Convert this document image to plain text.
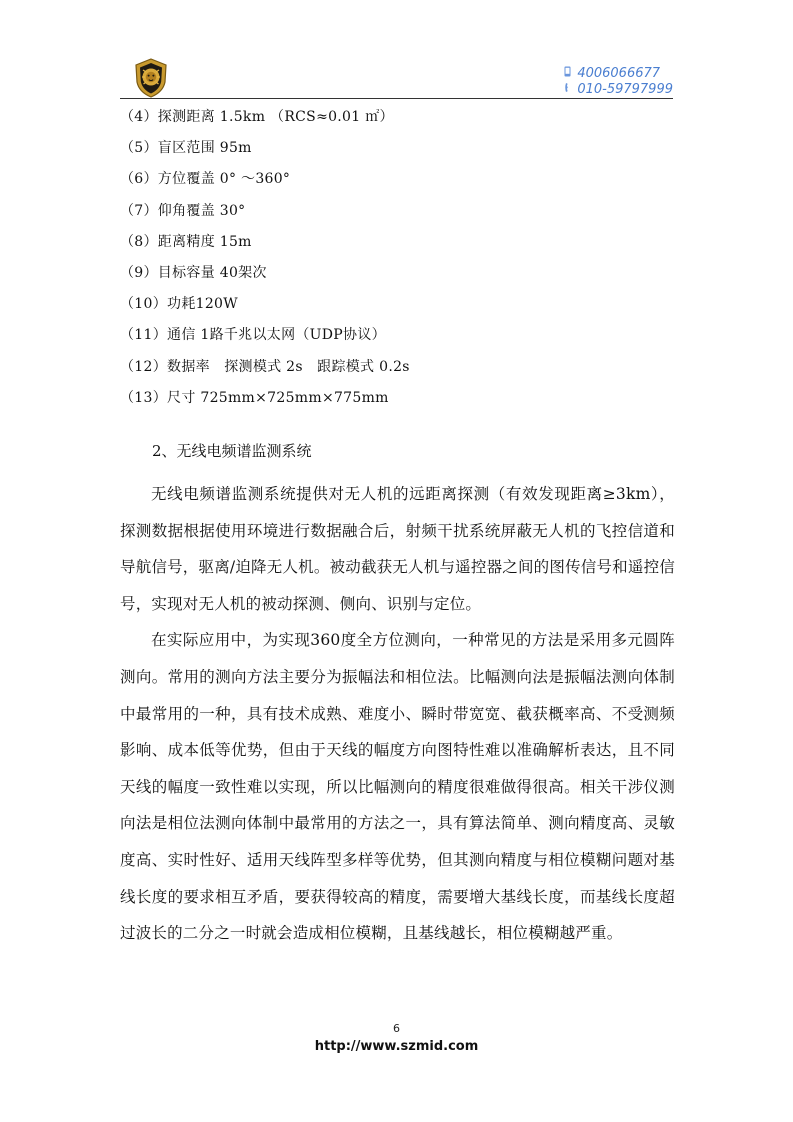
4006066677
010-59797999
（4）探测距离 1.5km （RCS≈0.01 ㎡）
（5）盲区范围 95m
（6）方位覆盖 0° ～360°
（7）仰角覆盖 30°
（8）距离精度 15m
（9）目标容量 40架次
（10）功耗120W
（11）通信 1路千兆以太网（UDP协议）
（12）数据率　探测模式 2s　跟踪模式 0.2s
（13）尺寸 725mm×725mm×775mm
2、无线电频谱监测系统

无线电频谱监测系统提供对无人机的远距离探测（有效发现距离≥3km），探测数据根据使用环境进行数据融合后，射频干扰系统屏蔽无人机的飞控信道和导航信号，驱离/迫降无人机。被动截获无人机与遥控器之间的图传信号和遥控信号，实现对无人机的被动探测、侧向、识别与定位。

在实际应用中，为实现360度全方位测向，一种常见的方法是采用多元圆阵测向。常用的测向方法主要分为振幅法和相位法。比幅测向法是振幅法测向体制中最常用的一种，具有技术成熟、难度小、瞬时带宽宽、截获概率高、不受测频影响、成本低等优势，但由于天线的幅度方向图特性难以准确解析表达，且不同天线的幅度一致性难以实现，所以比幅测向的精度很难做得很高。相关干涉仪测向法是相位法测向体制中最常用的方法之一，具有算法简单、测向精度高、灵敏度高、实时性好、适用天线阵型多样等优势，但其测向精度与相位模糊问题对基线长度的要求相互矛盾，要获得较高的精度，需要增大基线长度，而基线长度超过波长的二分之一时就会造成相位模糊，且基线越长，相位模糊越严重。

6
http://www.szmid.com
